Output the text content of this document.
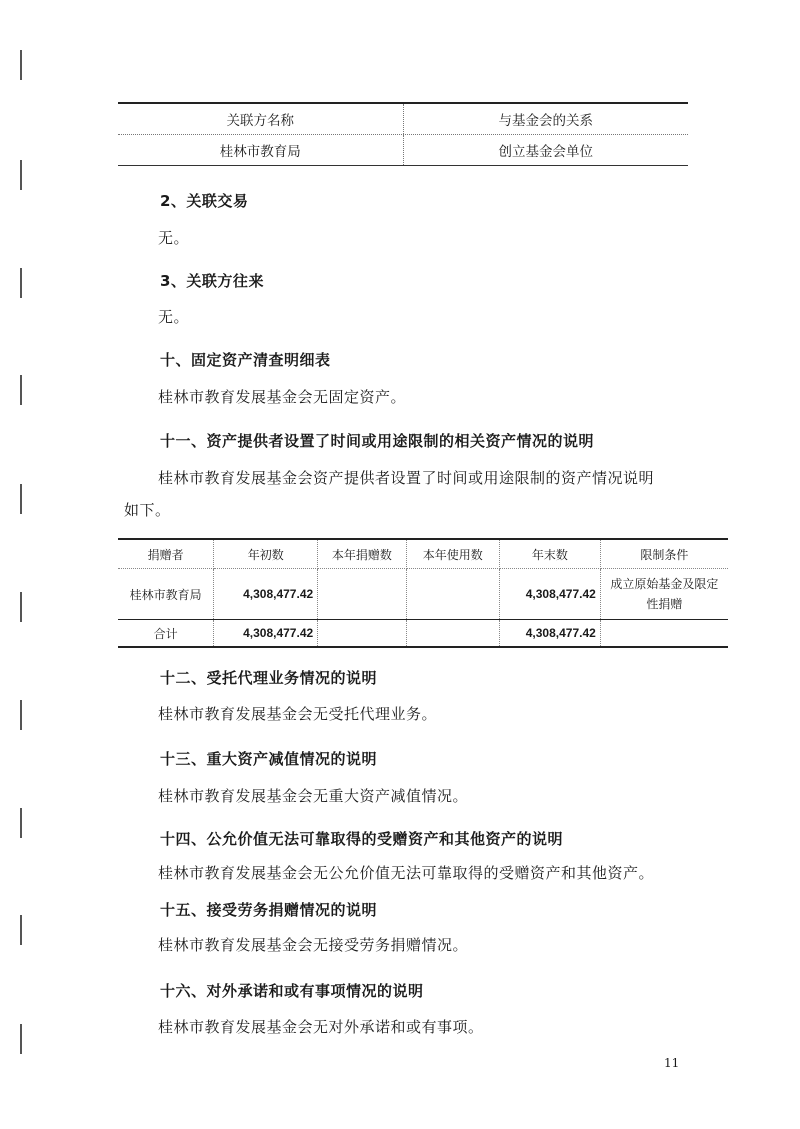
关联方名称	与基金会的关系
桂林市教育局	创立基金会单位
2、关联交易
无。
3、关联方往来
无。
十、固定资产清查明细表
桂林市教育发展基金会无固定资产。
十一、资产提供者设置了时间或用途限制的相关资产情况的说明
桂林市教育发展基金会资产提供者设置了时间或用途限制的资产情况说明
如下。
捐赠者	年初数	本年捐赠数	本年使用数	年末数	限制条件
桂林市教育局	4,308,477.42			4,308,477.42	成立原始基金及限定
性捐赠

合计	4,308,477.42			4,308,477.42	
十二、受托代理业务情况的说明
桂林市教育发展基金会无受托代理业务。
十三、重大资产减值情况的说明
桂林市教育发展基金会无重大资产减值情况。
十四、公允价值无法可靠取得的受赠资产和其他资产的说明
桂林市教育发展基金会无公允价值无法可靠取得的受赠资产和其他资产。
十五、接受劳务捐赠情况的说明
桂林市教育发展基金会无接受劳务捐赠情况。
十六、对外承诺和或有事项情况的说明
桂林市教育发展基金会无对外承诺和或有事项。
11
